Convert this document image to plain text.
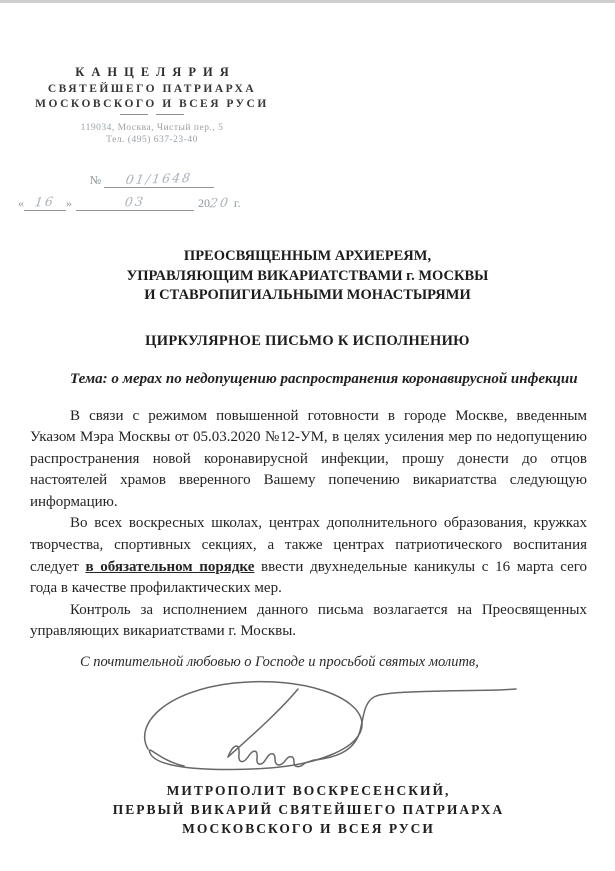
КАНЦЕЛЯРИЯ
СВЯТЕЙШЕГО ПАТРИАРХА
МОСКОВСКОГО И ВСЕЯ РУСИ
119034, Москва, Чистый пер., 5
Тел. (495) 637-23-40
№ 01/1648
« 16 »	03	2020 г.
ПРЕОСВЯЩЕННЫМ АРХИЕРЕЯМ,
УПРАВЛЯЮЩИМ ВИКАРИАТСТВАМИ г. МОСКВЫ
И СТАВРОПИГИАЛЬНЫМИ МОНАСТЫРЯМИ
ЦИРКУЛЯРНОЕ ПИСЬМО К ИСПОЛНЕНИЮ

Тема: о мерах по недопущению распространения коронавирусной инфекции

В связи с режимом повышенной готовности в городе Москве, введенным Указом Мэра Москвы от 05.03.2020 №12-УМ, в целях усиления мер по недопущению распространения новой коронавирусной инфекции, прошу донести до отцов настоятелей храмов вверенного Вашему попечению викариатства следующую информацию.

Во всех воскресных школах, центрах дополнительного образования, кружках творчества, спортивных секциях, а также центрах патриотического воспитания следует в обязательном порядке ввести двухнедельные каникулы с 16 марта сего года в качестве профилактических мер.

Контроль за исполнением данного письма возлагается на Преосвященных управляющих викариатствами г. Москвы.

С почтительной любовью о Господе и просьбой святых молитв,

МИТРОПОЛИТ ВОСКРЕСЕНСКИЙ,
ПЕРВЫЙ ВИКАРИЙ СВЯТЕЙШЕГО ПАТРИАРХА
МОСКОВСКОГО И ВСЕЯ РУСИ
